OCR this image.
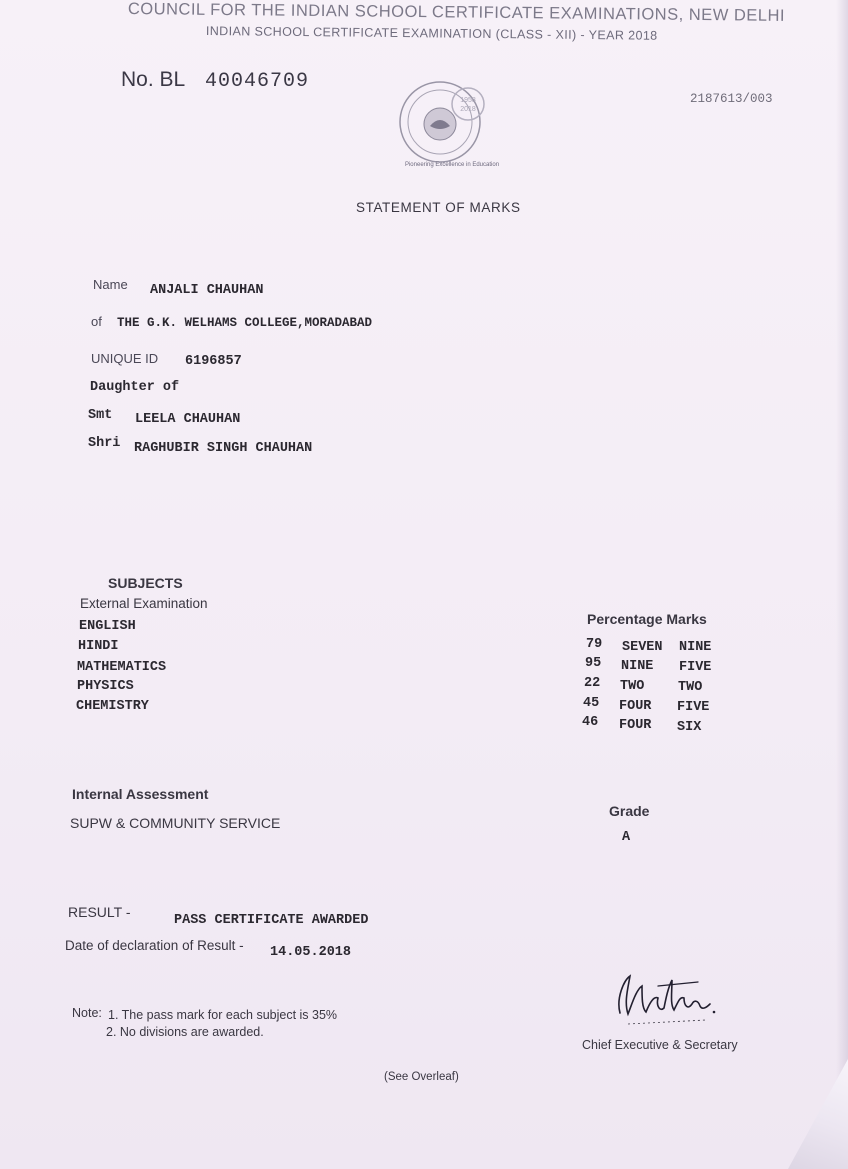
COUNCIL FOR THE INDIAN SCHOOL CERTIFICATE EXAMINATIONS, NEW DELHI
INDIAN SCHOOL CERTIFICATE EXAMINATION (CLASS - XII) - YEAR 2018
No. BL 40046709
2187613/003
1958
2018
Pioneering Excellence in Education
STATEMENT OF MARKS
Name ANJALI CHAUHAN
of THE G.K. WELHAMS COLLEGE,MORADABAD
UNIQUE ID 6196857
Daughter of
Smt LEELA CHAUHAN
Shri RAGHUBIR SINGH CHAUHAN
SUBJECTS
External Examination
Percentage Marks
ENGLISH
79 SEVEN NINE
HINDI
95 NINE FIVE
MATHEMATICS
22 TWO TWO
PHYSICS
45 FOUR FIVE
CHEMISTRY
46 FOUR SIX
Internal Assessment
SUPW & COMMUNITY SERVICE
Grade
A
RESULT -
PASS CERTIFICATE AWARDED
Date of declaration of Result - 14.05.2018
Note: 1. The pass mark for each subject is 35%
2. No divisions are awarded.
Chief Executive & Secretary
(See Overleaf)
